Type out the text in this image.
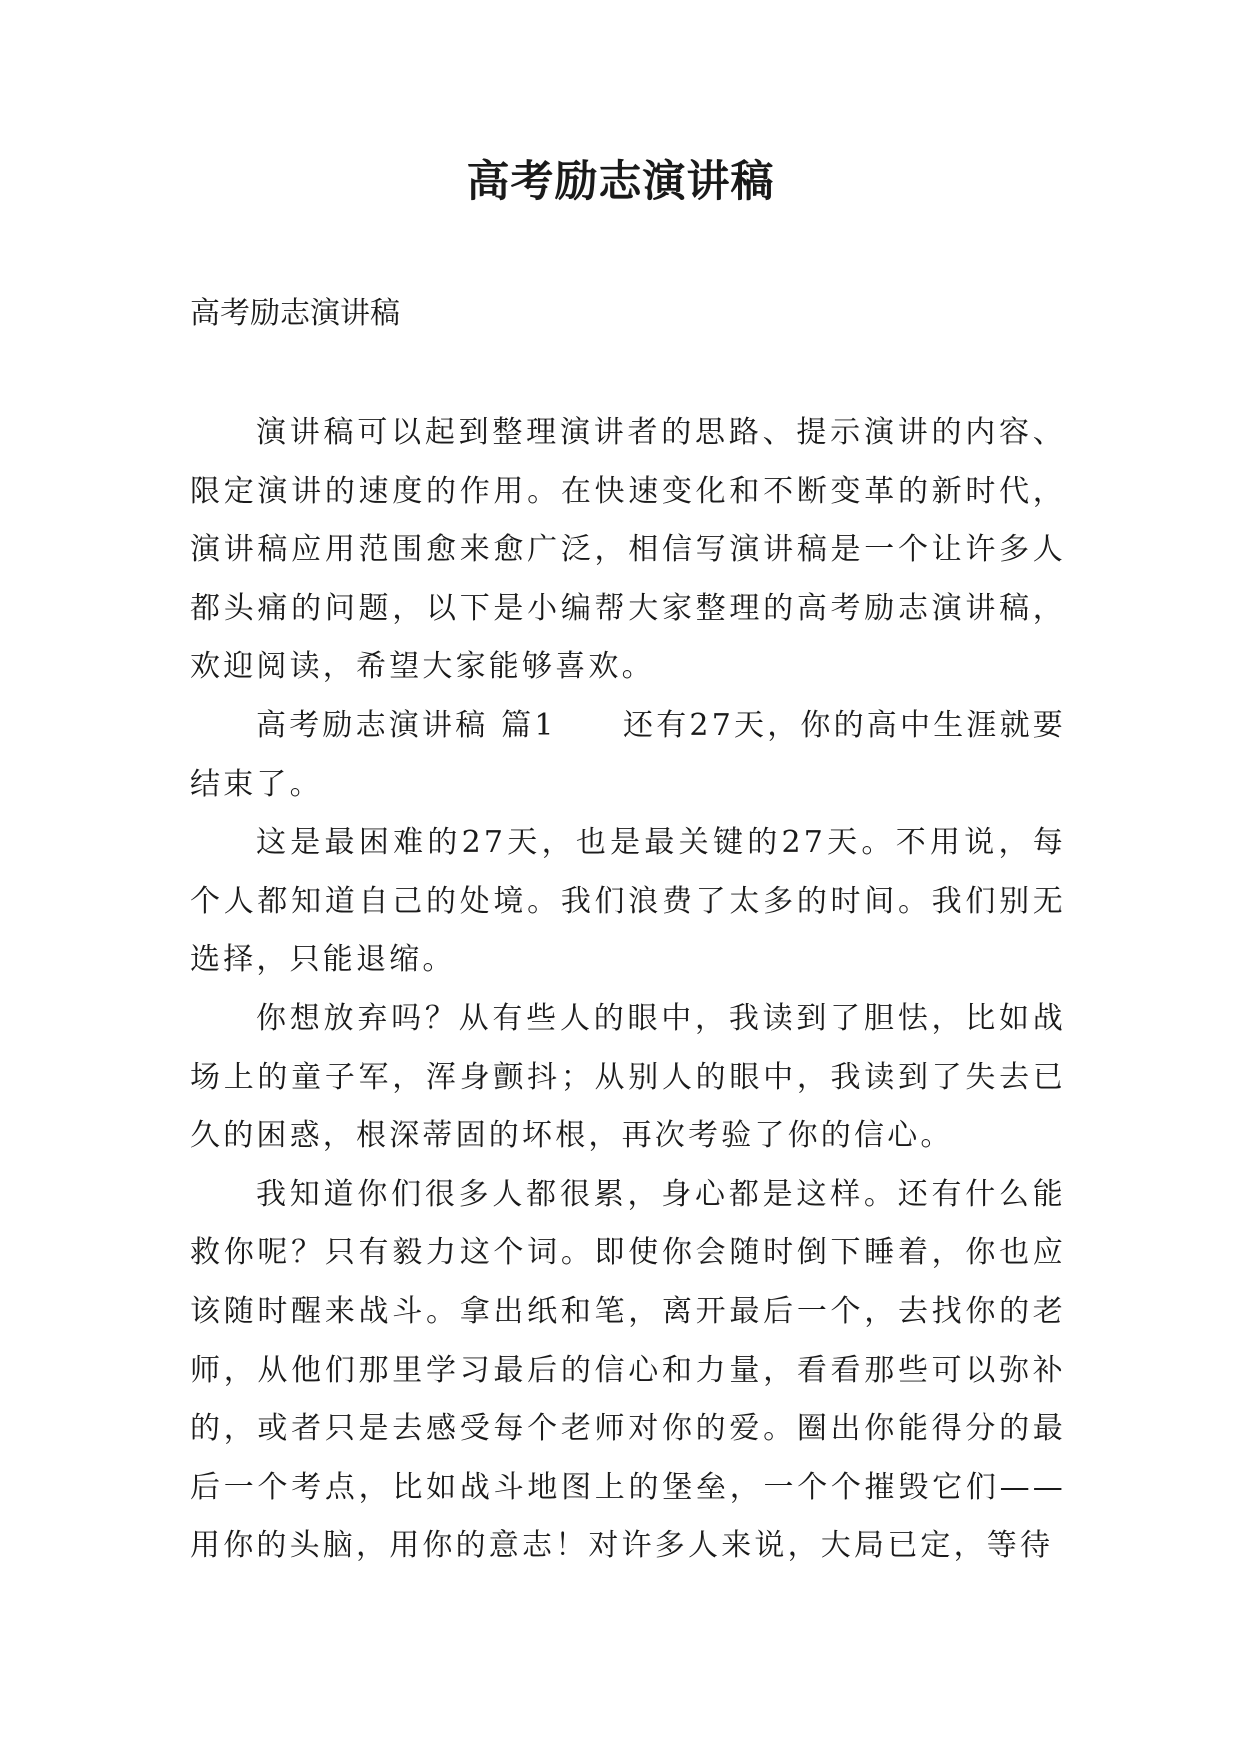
高考励志演讲稿
高考励志演讲稿

演讲稿可以起到整理演讲者的思路、提示演讲的内容、限定演讲的速度的作用。在快速变化和不断变革的新时代，演讲稿应用范围愈来愈广泛，相信写演讲稿是一个让许多人都头痛的问题，以下是小编帮大家整理的高考励志演讲稿，欢迎阅读，希望大家能够喜欢。

高考励志演讲稿 篇1　　还有27天，你的高中生涯就要结束了。

这是最困难的27天，也是最关键的27天。不用说，每个人都知道自己的处境。我们浪费了太多的时间。我们别无选择，只能退缩。

你想放弃吗？从有些人的眼中，我读到了胆怯，比如战场上的童子军，浑身颤抖；从别人的眼中，我读到了失去已久的困惑，根深蒂固的坏根，再次考验了你的信心。

我知道你们很多人都很累，身心都是这样。还有什么能救你呢？只有毅力这个词。即使你会随时倒下睡着，你也应该随时醒来战斗。拿出纸和笔，离开最后一个，去找你的老师，从他们那里学习最后的信心和力量，看看那些可以弥补的，或者只是去感受每个老师对你的爱。圈出你能得分的最后一个考点，比如战斗地图上的堡垒，一个个摧毁它们——用你的头脑，用你的意志！对许多人来说，大局已定，等待
